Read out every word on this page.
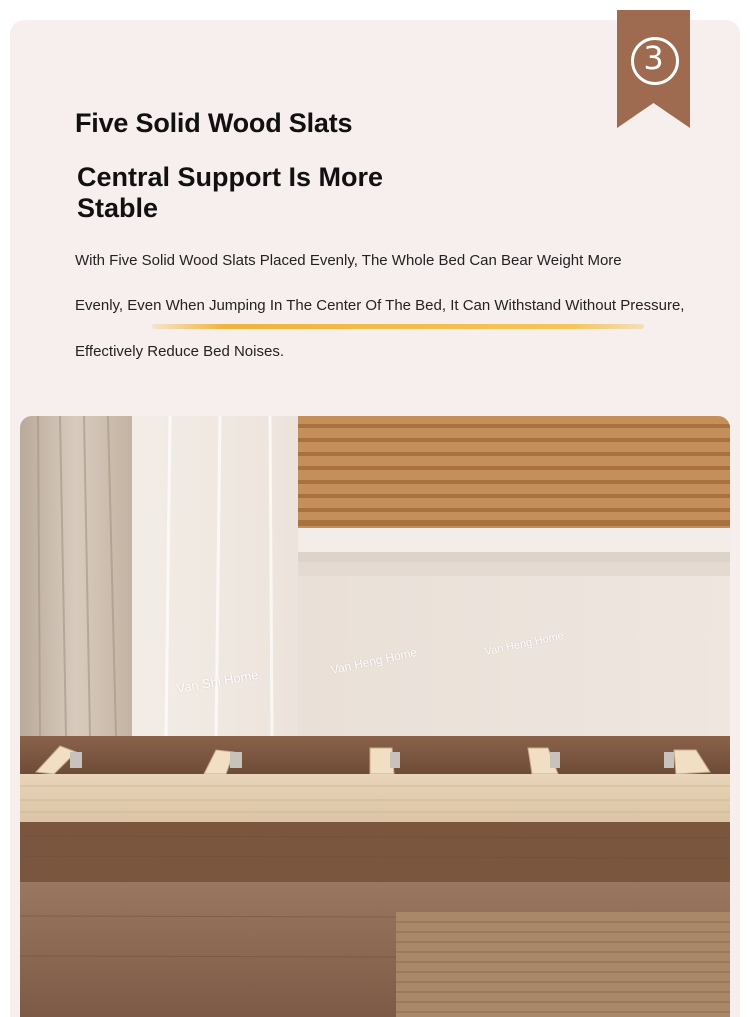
3
Five Solid Wood Slats
Central Support Is More Stable

With Five Solid Wood Slats Placed Evenly, The Whole Bed Can Bear Weight More

Evenly, Even When Jumping In The Center Of The Bed, It Can Withstand Without Pressure,

Effectively Reduce Bed Noises.

Van Shi Home
Van Heng Home
Van Heng Home
